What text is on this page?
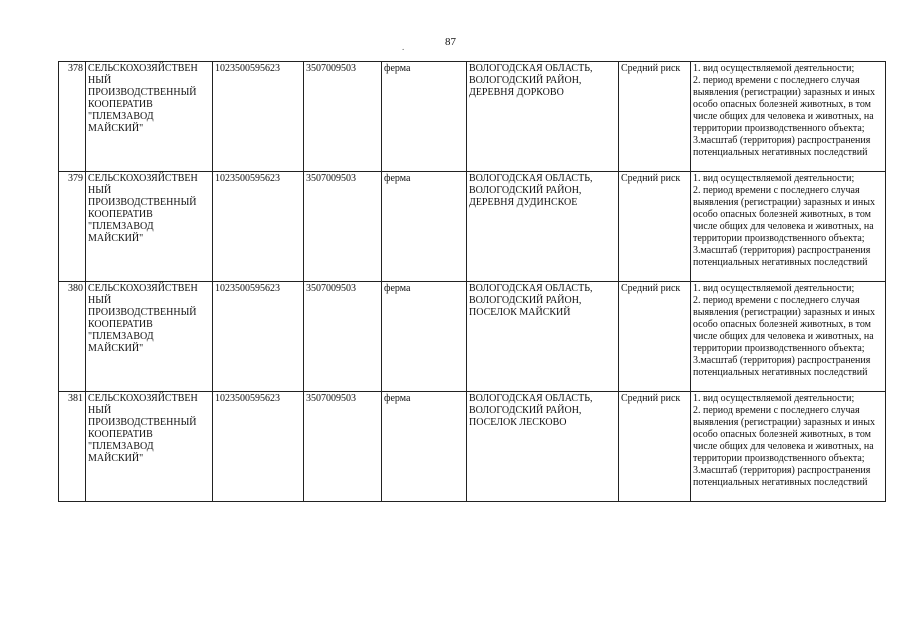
.	87
378	СЕЛЬСКОХОЗЯЙСТВЕН НЫЙ ПРОИЗВОДСТВЕННЫЙ КООПЕРАТИВ "ПЛЕМЗАВОД МАЙСКИЙ"	1023500595623	3507009503	ферма	ВОЛОГОДСКАЯ ОБЛАСТЬ, ВОЛОГОДСКИЙ РАЙОН, ДЕРЕВНЯ ДОРКОВО	Средний риск	1. вид осуществляемой деятельности;
2. период времени с последнего случая выявления (регистрации) заразных и иных особо опасных болезней животных, в том числе общих для человека и животных, на территории производственного объекта;
3.масштаб (территория) распространения потенциальных негативных последствий

379	СЕЛЬСКОХОЗЯЙСТВЕН НЫЙ ПРОИЗВОДСТВЕННЫЙ КООПЕРАТИВ "ПЛЕМЗАВОД МАЙСКИЙ"	1023500595623	3507009503	ферма	ВОЛОГОДСКАЯ ОБЛАСТЬ, ВОЛОГОДСКИЙ РАЙОН, ДЕРЕВНЯ ДУДИНСКОЕ	Средний риск	1. вид осуществляемой деятельности;
2. период времени с последнего случая выявления (регистрации) заразных и иных особо опасных болезней животных, в том числе общих для человека и животных, на территории производственного объекта;
3.масштаб (территория) распространения потенциальных негативных последствий

380	СЕЛЬСКОХОЗЯЙСТВЕН НЫЙ ПРОИЗВОДСТВЕННЫЙ КООПЕРАТИВ "ПЛЕМЗАВОД МАЙСКИЙ"	1023500595623	3507009503	ферма	ВОЛОГОДСКАЯ ОБЛАСТЬ, ВОЛОГОДСКИЙ РАЙОН, ПОСЕЛОК МАЙСКИЙ	Средний риск	1. вид осуществляемой деятельности;
2. период времени с последнего случая выявления (регистрации) заразных и иных особо опасных болезней животных, в том числе общих для человека и животных, на территории производственного объекта;
3.масштаб (территория) распространения потенциальных негативных последствий

381	СЕЛЬСКОХОЗЯЙСТВЕН НЫЙ ПРОИЗВОДСТВЕННЫЙ КООПЕРАТИВ "ПЛЕМЗАВОД МАЙСКИЙ"	1023500595623	3507009503	ферма	ВОЛОГОДСКАЯ ОБЛАСТЬ, ВОЛОГОДСКИЙ РАЙОН, ПОСЕЛОК ЛЕСКОВО	Средний риск	1. вид осуществляемой деятельности;
2. период времени с последнего случая выявления (регистрации) заразных и иных особо опасных болезней животных, в том числе общих для человека и животных, на территории производственного объекта;
3.масштаб (территория) распространения потенциальных негативных последствий
